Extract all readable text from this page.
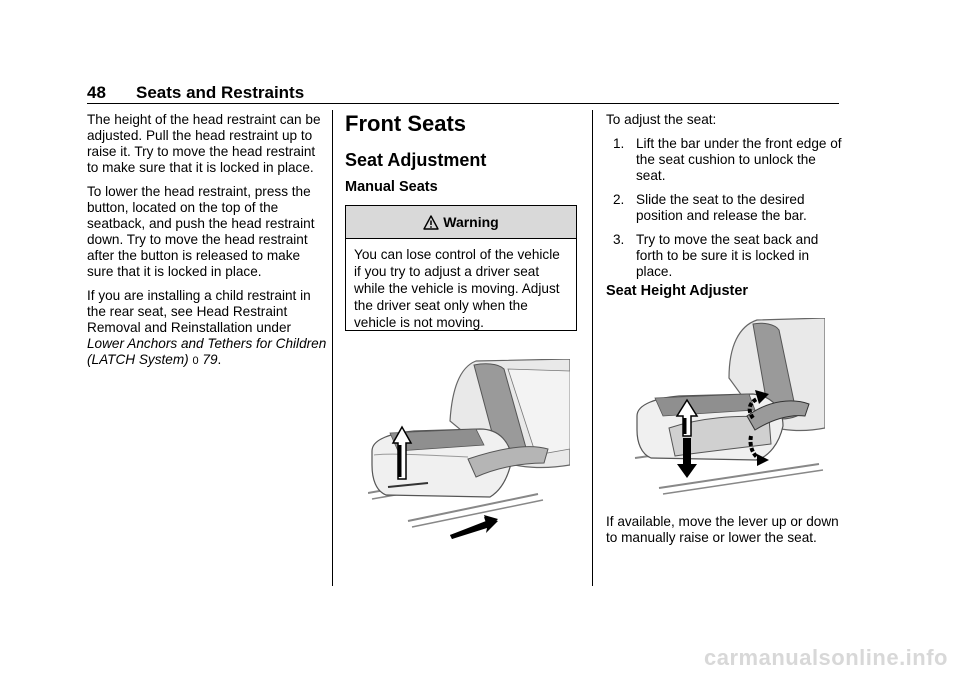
48 Seats and Restraints

The height of the head restraint can be adjusted. Pull the head restraint up to raise it. Try to move the head restraint to make sure that it is locked in place.

To lower the head restraint, press the button, located on the top of the seatback, and push the head restraint down. Try to move the head restraint after the button is released to make sure that it is locked in place.

If you are installing a child restraint in the rear seat, see Head Restraint Removal and Reinstallation under Lower Anchors and Tethers for Children (LATCH System) 0 79.

Front Seats
Seat Adjustment
Manual Seats
Warning
You can lose control of the vehicle if you try to adjust a driver seat while the vehicle is moving. Adjust the driver seat only when the vehicle is not moving.

To adjust the seat:

1. Lift the bar under the front edge of the seat cushion to unlock the seat.
2. Slide the seat to the desired position and release the bar.
3. Try to move the seat back and forth to be sure it is locked in place.
Seat Height Adjuster
If available, move the lever up or down to manually raise or lower the seat.
carmanualsonline.info
